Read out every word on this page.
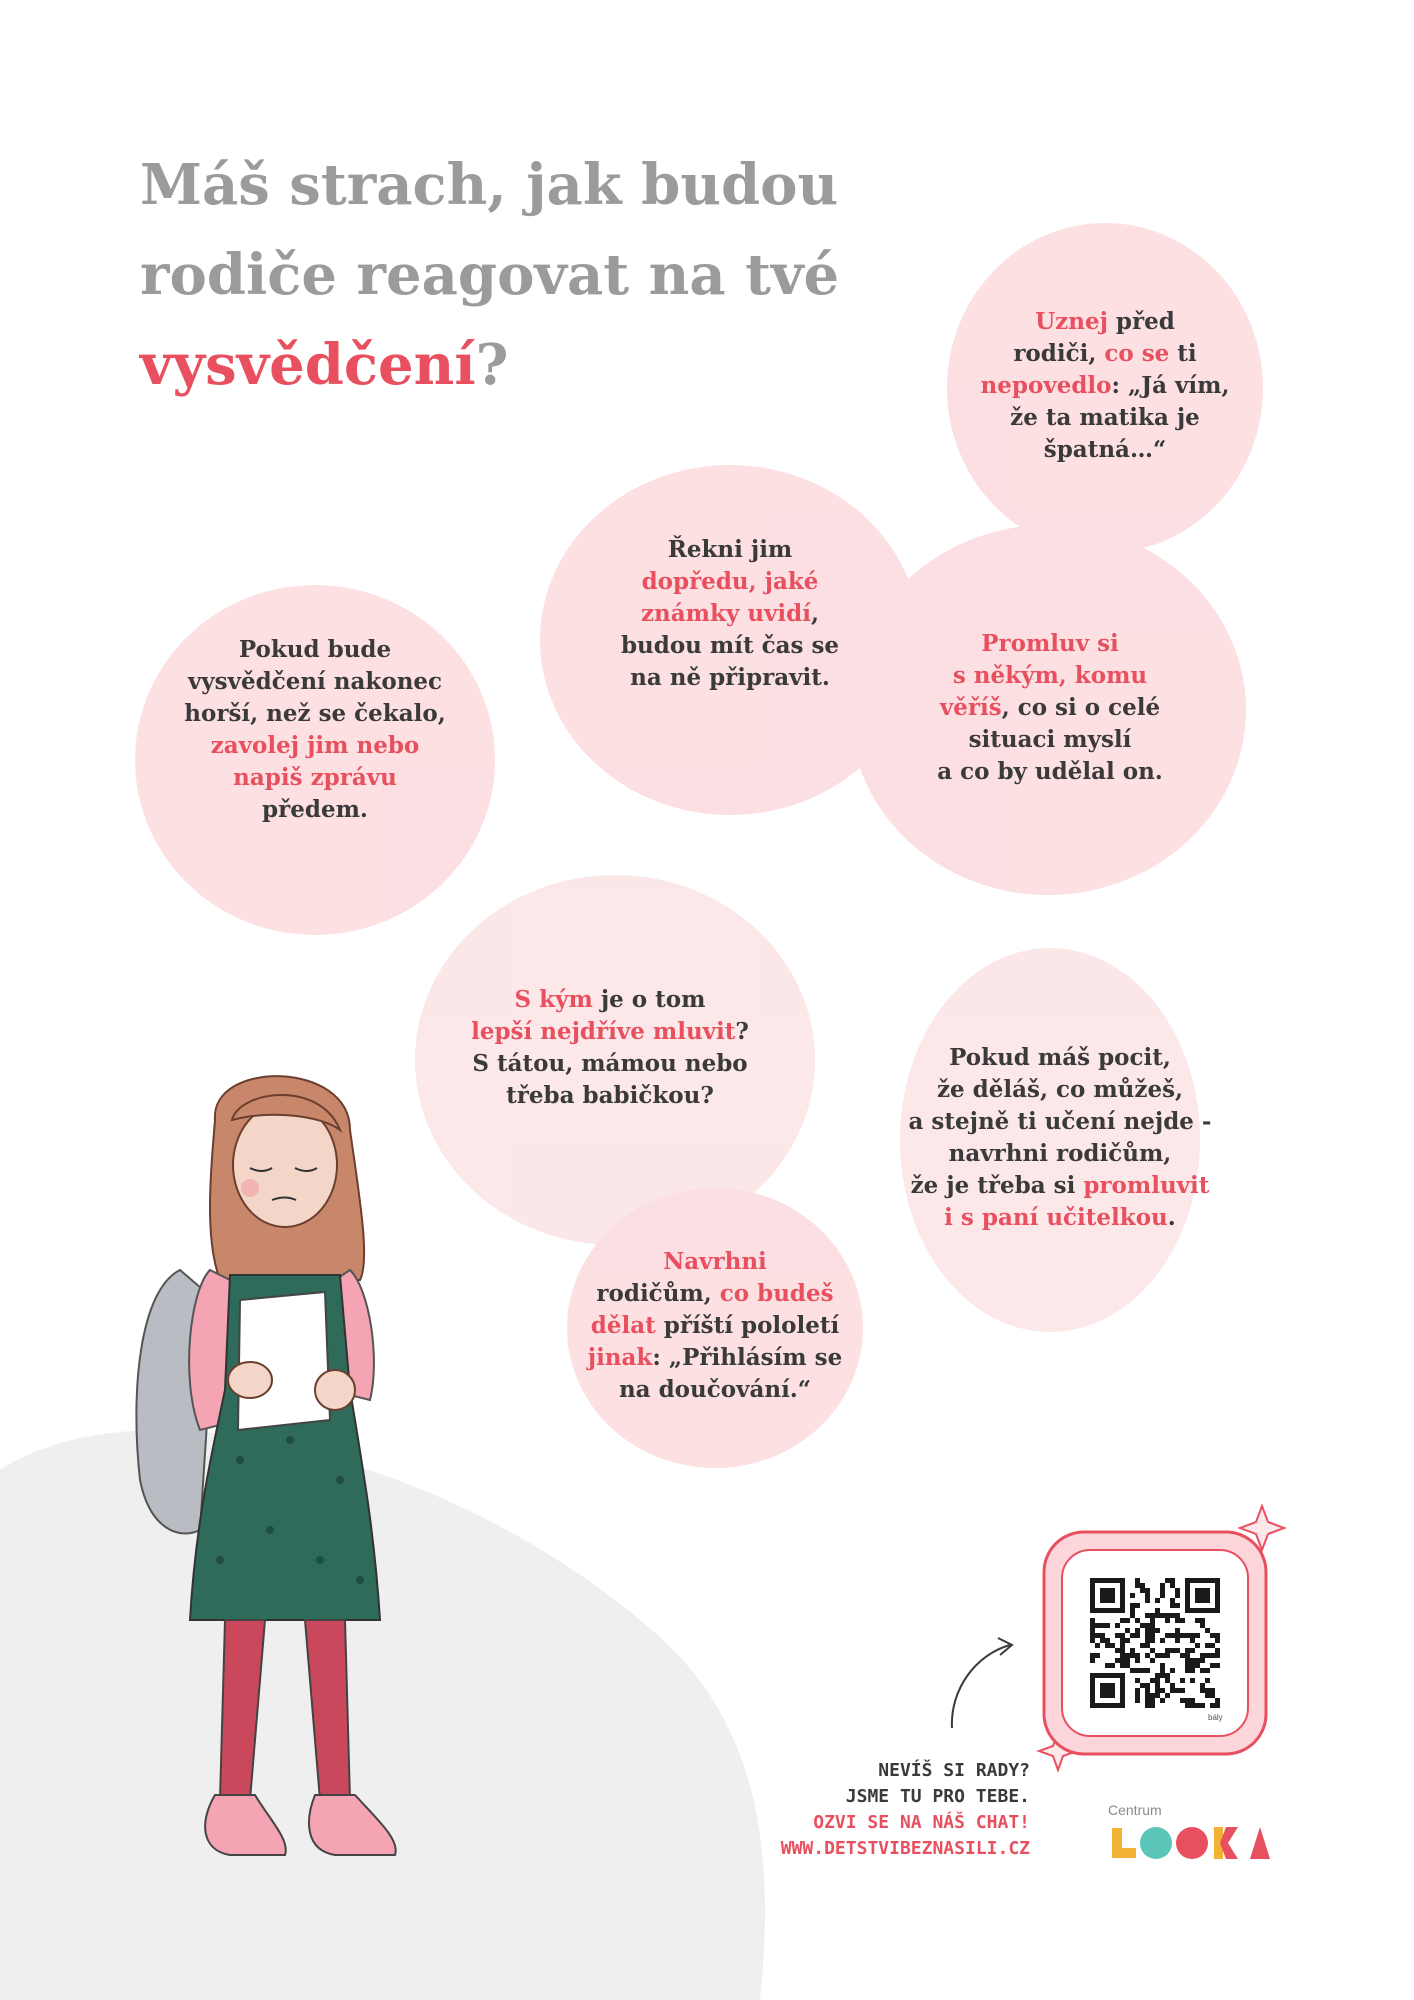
bály
Máš strach, jak budou
rodiče reagovat na tvé
vysvědčení?
Uznej před
rodiči, co se ti
nepovedlo: „Já vím,
že ta matika je
špatná…“
Řekni jim
dopředu, jaké
známky uvidí,
budou mít čas se
na ně připravit.
Pokud bude
vysvědčení nakonec
horší, než se čekalo,
zavolej jim nebo
napiš zprávu
předem.
Promluv si
s někým, komu
věříš, co si o celé
situaci myslí
a co by udělal on.
S kým je o tom
lepší nejdříve mluvit?
S tátou, mámou nebo
třeba babičkou?
Pokud máš pocit,
že děláš, co můžeš,
a stejně ti učení nejde -
navrhni rodičům,
že je třeba si promluvit
i s paní učitelkou.
Navrhni
rodičům, co budeš
dělat příští pololetí
jinak: „Přihlásím se
na doučování.“
NEVÍŠ SI RADY?
JSME TU PRO TEBE.
OZVI SE NA NÁŠ CHAT!
WWW.DETSTVIBEZNASILI.CZ
Centrum
LOGIKA
